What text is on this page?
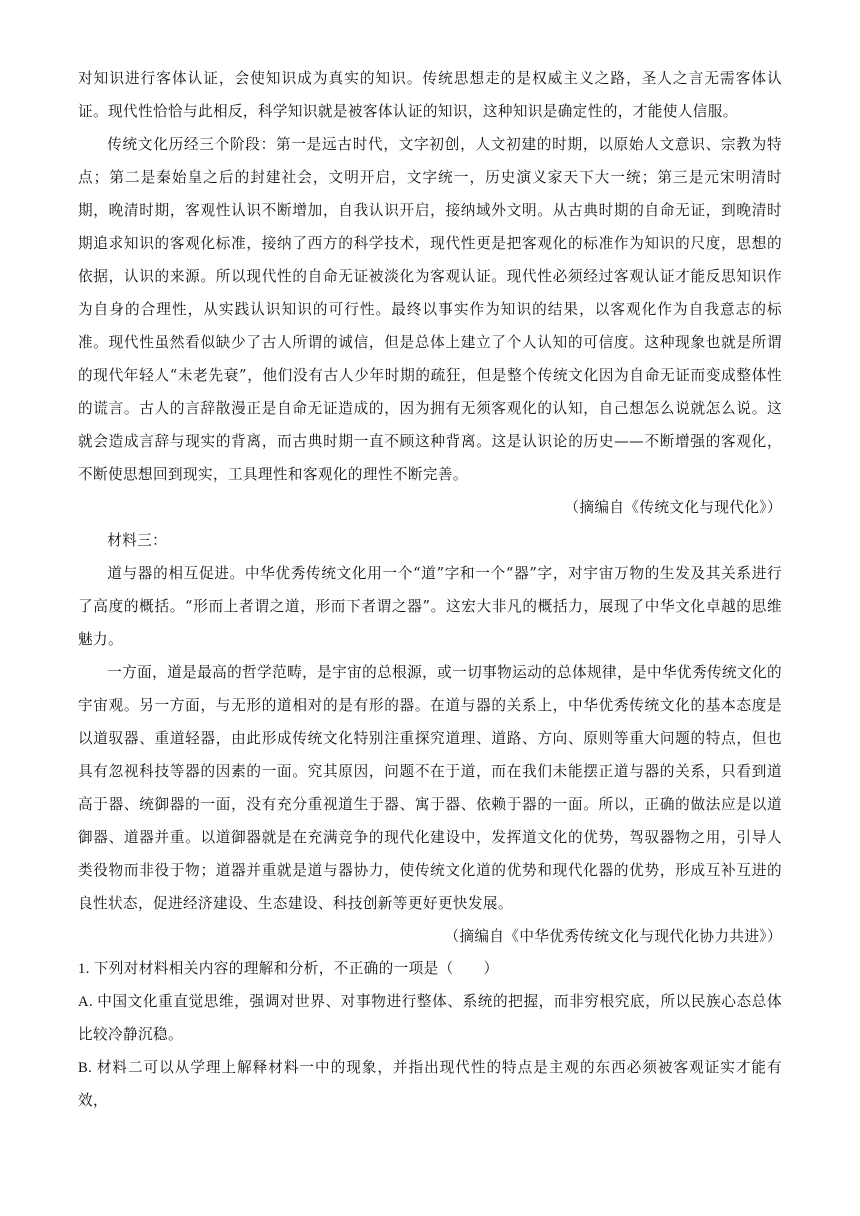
对知识进行客体认证，会使知识成为真实的知识。传统思想走的是权威主义之路，圣人之言无需客体认证。现代性恰恰与此相反，科学知识就是被客体认证的知识，这种知识是确定性的，才能使人信服。

传统文化历经三个阶段：第一是远古时代，文字初创，人文初建的时期，以原始人文意识、宗教为特点；第二是秦始皇之后的封建社会，文明开启，文字统一，历史演义家天下大一统；第三是元宋明清时期，晚清时期，客观性认识不断增加，自我认识开启，接纳域外文明。从古典时期的自命无证，到晚清时期追求知识的客观化标准，接纳了西方的科学技术，现代性更是把客观化的标准作为知识的尺度，思想的依据，认识的来源。所以现代性的自命无证被淡化为客观认证。现代性必须经过客观认证才能反思知识作为自身的合理性，从实践认识知识的可行性。最终以事实作为知识的结果，以客观化作为自我意志的标准。现代性虽然看似缺少了古人所谓的诚信，但是总体上建立了个人认知的可信度。这种现象也就是所谓的现代年轻人“未老先衰”，他们没有古人少年时期的疏狂，但是整个传统文化因为自命无证而变成整体性的谎言。古人的言辞散漫正是自命无证造成的，因为拥有无须客观化的认知，自己想怎么说就怎么说。这就会造成言辞与现实的背离，而古典时期一直不顾这种背离。这是认识论的历史——不断增强的客观化，不断使思想回到现实，工具理性和客观化的理性不断完善。

（摘编自《传统文化与现代化》）

材料三：

道与器的相互促进。中华优秀传统文化用一个“道”字和一个“器”字，对宇宙万物的生发及其关系进行了高度的概括。“形而上者谓之道，形而下者谓之器”。这宏大非凡的概括力，展现了中华文化卓越的思维魅力。

一方面，道是最高的哲学范畴，是宇宙的总根源，或一切事物运动的总体规律，是中华优秀传统文化的宇宙观。另一方面，与无形的道相对的是有形的器。在道与器的关系上，中华优秀传统文化的基本态度是以道驭器、重道轻器，由此形成传统文化特别注重探究道理、道路、方向、原则等重大问题的特点，但也具有忽视科技等器的因素的一面。究其原因，问题不在于道，而在我们未能摆正道与器的关系，只看到道高于器、统御器的一面，没有充分重视道生于器、寓于器、依赖于器的一面。所以，正确的做法应是以道御器、道器并重。以道御器就是在充满竞争的现代化建设中，发挥道文化的优势，驾驭器物之用，引导人类役物而非役于物；道器并重就是道与器协力，使传统文化道的优势和现代化器的优势，形成互补互进的良性状态，促进经济建设、生态建设、科技创新等更好更快发展。

（摘编自《中华优秀传统文化与现代化协力共进》）

1. 下列对材料相关内容的理解和分析，不正确的一项是（　　）

A. 中国文化重直觉思维，强调对世界、对事物进行整体、系统的把握，而非穷根究底，所以民族心态总体比较冷静沉稳。

B. 材料二可以从学理上解释材料一中的现象，并指出现代性的特点是主观的东西必须被客观证实才能有效，
